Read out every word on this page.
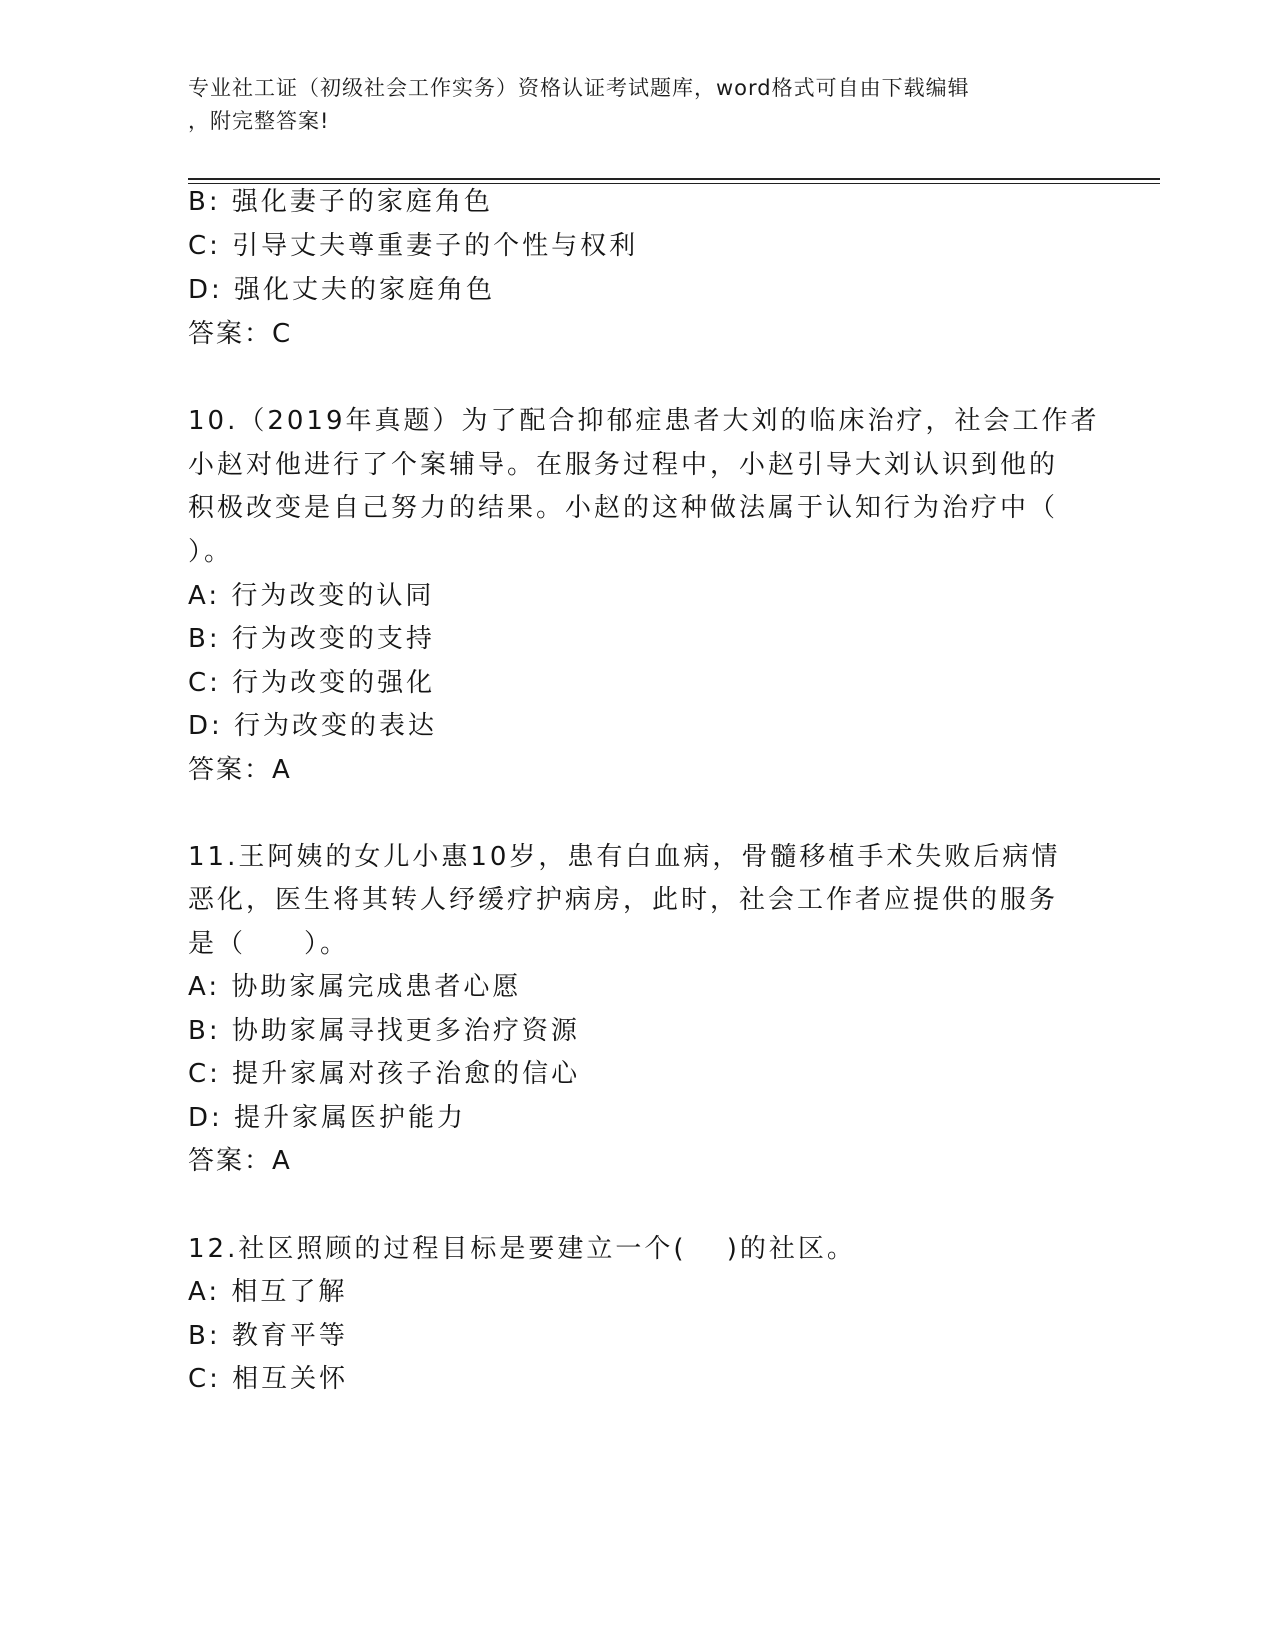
专业社工证（初级社会工作实务）资格认证考试题库，word格式可自由下载编辑
，附完整答案!
B: 强化妻子的家庭角色
C: 引导丈夫尊重妻子的个性与权利
D: 强化丈夫的家庭角色
答案：C
10.（2019年真题）为了配合抑郁症患者大刘的临床治疗，社会工作者
小赵对他进行了个案辅导。在服务过程中，小赵引导大刘认识到他的
积极改变是自己努力的结果。小赵的这种做法属于认知行为治疗中（
）。
A: 行为改变的认同
B: 行为改变的支持
C: 行为改变的强化
D: 行为改变的表达
答案：A
11.王阿姨的女儿小惠10岁，患有白血病，骨髓移植手术失败后病情
恶化，医生将其转人纾缓疗护病房，此时，社会工作者应提供的服务
是（　　）。
A: 协助家属完成患者心愿
B: 协助家属寻找更多治疗资源
C: 提升家属对孩子治愈的信心
D: 提升家属医护能力
答案：A
12.社区照顾的过程目标是要建立一个(　 )的社区。
A: 相互了解
B: 教育平等
C: 相互关怀
